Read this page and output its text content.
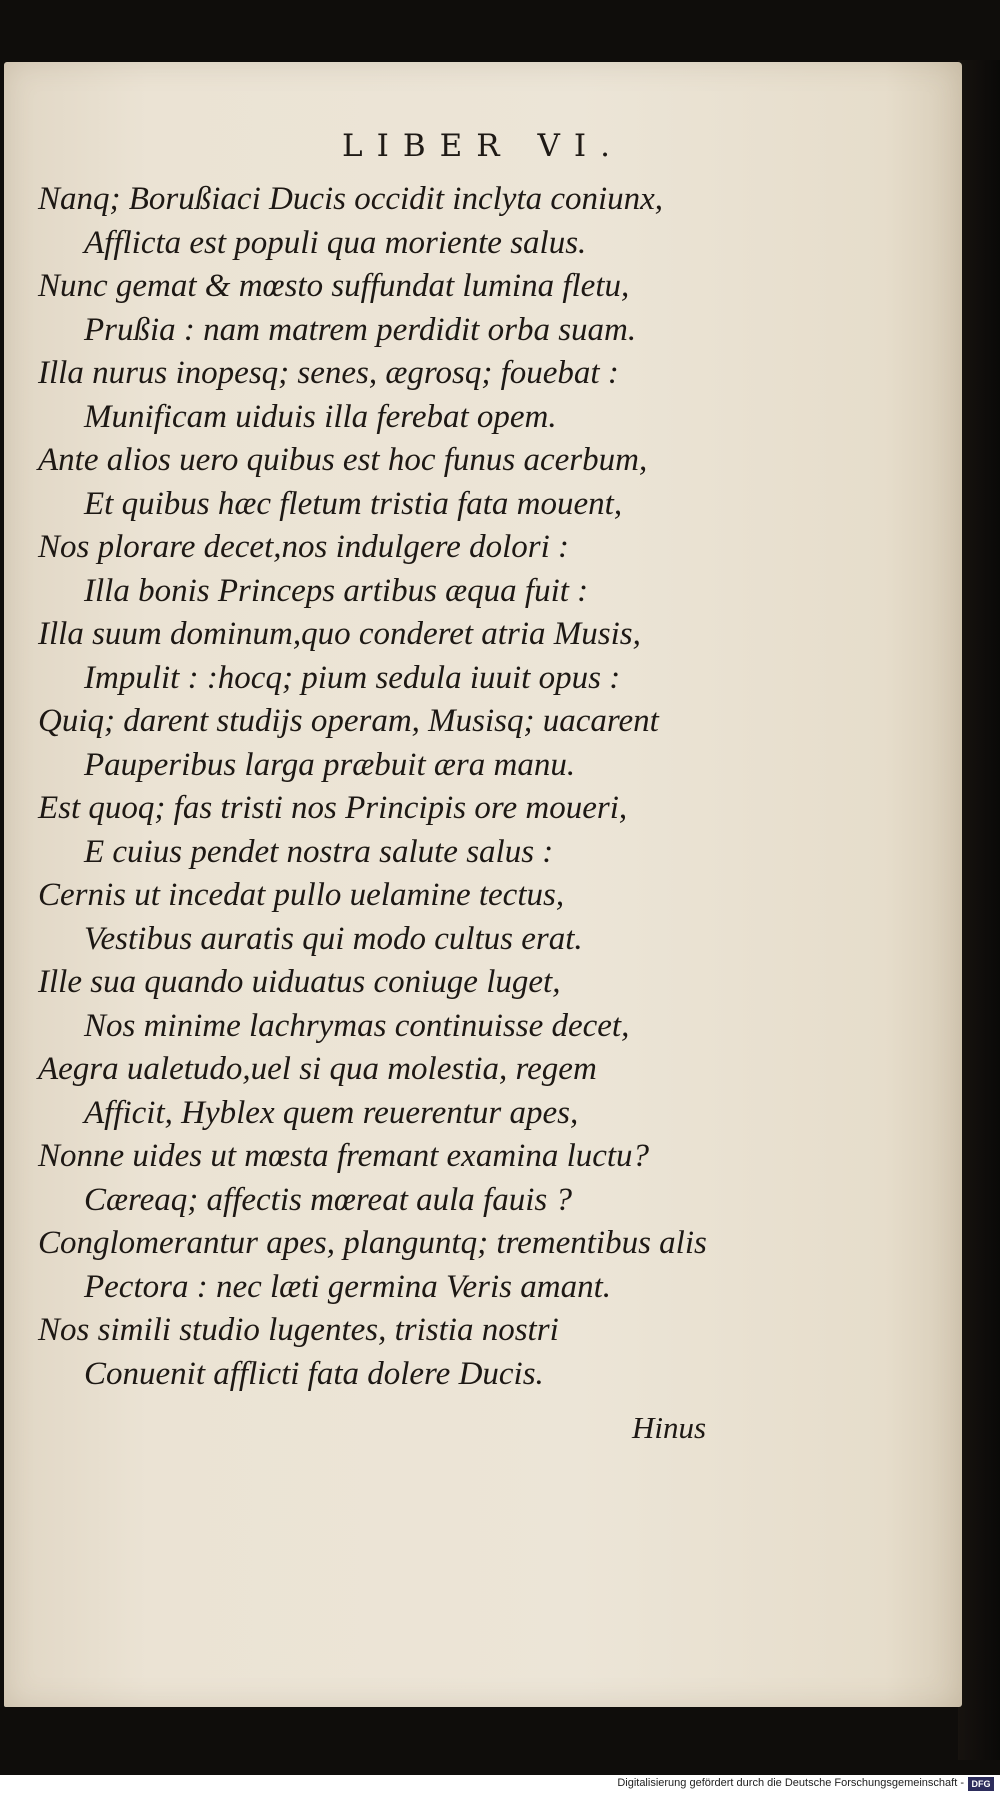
LIBER VI.
Nanq; Borußiaci Ducis occidit inclyta coniunx,
Afflicta est populi qua moriente salus.
Nunc gemat & mœsto suffundat lumina fletu,
Prußia : nam matrem perdidit orba suam.
Illa nurus inopesq; senes, ægrosq; fouebat :
Munificam uiduis illa ferebat opem.
Ante alios uero quibus est hoc funus acerbum,
Et quibus hæc fletum tristia fata mouent,
Nos plorare decet,nos indulgere dolori :
Illa bonis Princeps artibus æqua fuit :
Illa suum dominum,quo conderet atria Musis,
Impulit : :hocq; pium sedula iuuit opus :
Quiq; darent studijs operam, Musisq; uacarent
Pauperibus larga præbuit æra manu.
Est quoq; fas tristi nos Principis ore moueri,
E cuius pendet nostra salute salus :
Cernis ut incedat pullo uelamine tectus,
Vestibus auratis qui modo cultus erat.
Ille sua quando uiduatus coniuge luget,
Nos minime lachrymas continuisse decet,
Aegra ualetudo,uel si qua molestia, regem
Afficit, Hyblex quem reuerentur apes,
Nonne uides ut mœsta fremant examina luctu?
Cæreaq; affectis mœreat aula fauis ?
Conglomerantur apes, planguntq; trementibus alis
Pectora : nec læti germina Veris amant.
Nos simili studio lugentes, tristia nostri
Conuenit afflicti fata dolere Ducis.
Hinus
Digitalisierung gefördert durch die Deutsche Forschungsgemeinschaft - DFG
